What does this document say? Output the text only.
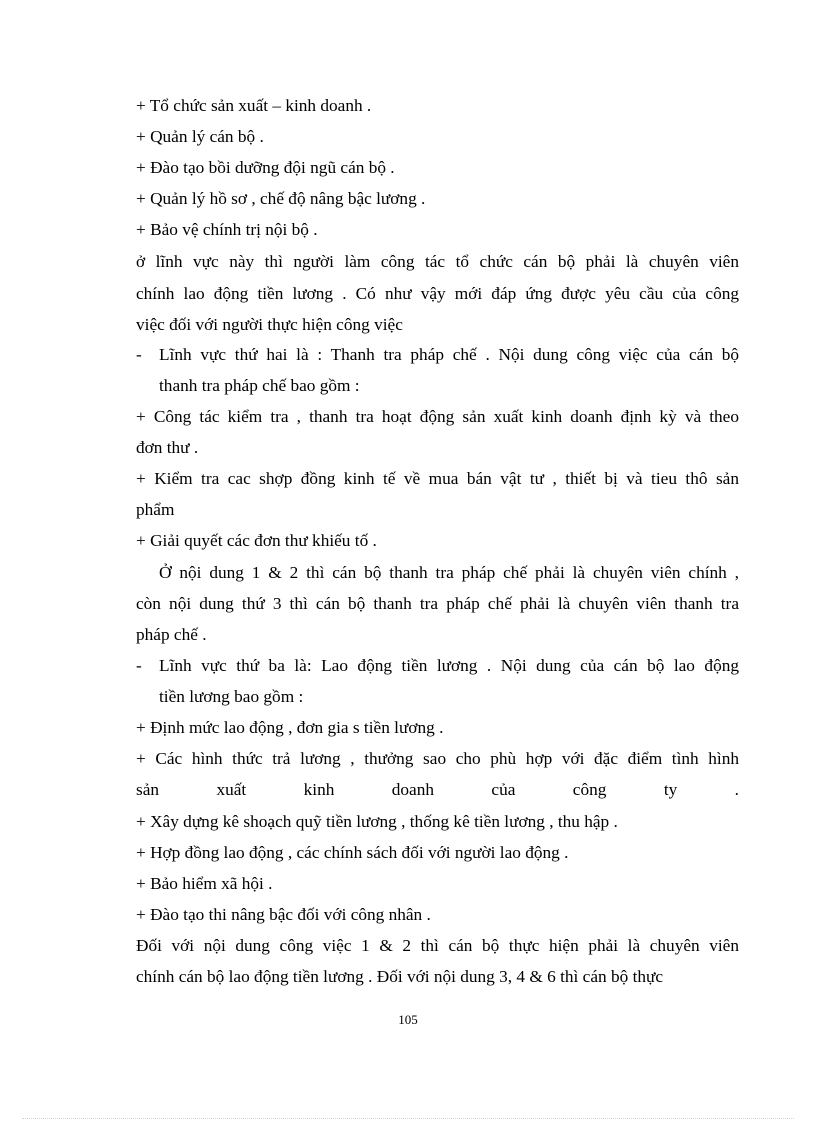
+ Tổ chức sản xuất – kinh doanh .
+ Quản lý cán bộ .
+ Đào tạo bồi dưỡng đội ngũ cán bộ .
+ Quản lý hồ sơ , chế độ nâng bậc lương .
+ Bảo vệ chính trị nội bộ .
ở lĩnh vực này thì người làm công tác tổ chức cán bộ phải là chuyên viên
chính lao động tiền lương . Có như vậy mới đáp ứng được yêu cầu của công
việc đối với người thực hiện công việc
- Lĩnh vực thứ hai là : Thanh tra pháp chế . Nội dung công việc của cán bộ
thanh tra pháp chế bao gồm :
+ Công tác kiểm tra , thanh tra hoạt động sản xuất kinh doanh định kỳ và theo
đơn thư .
+ Kiểm tra cac shợp đồng kinh tế về mua bán vật tư , thiết bị và tieu thô sản
phẩm
+ Giải quyết các đơn thư khiếu tố .
Ở nội dung 1 & 2 thì cán bộ thanh tra pháp chế phải là chuyên viên chính ,
còn nội dung thứ 3 thì cán bộ thanh tra pháp chế phải là chuyên viên thanh tra
pháp chế .
- Lĩnh vực thứ ba là: Lao động tiền lương . Nội dung của cán bộ lao động
tiền lương bao gồm :
+ Định mức lao động , đơn gia s tiền lương .
+ Các hình thức trả lương , thưởng sao cho phù hợp với đặc điểm tình hình
sản xuất kinh doanh của công ty .
+ Xây dựng kê shoạch quỹ tiền lương , thống kê tiền lương , thu hập .
+ Hợp đồng lao động , các chính sách đối với người lao động .
+ Bảo hiểm xã hội .
+ Đào tạo thi nâng bậc đối với công nhân .
Đối với nội dung công việc 1 & 2 thì cán bộ thực hiện phải là chuyên viên
chính cán bộ lao động tiền lương . Đối với nội dung 3, 4 & 6 thì cán bộ thực
105
